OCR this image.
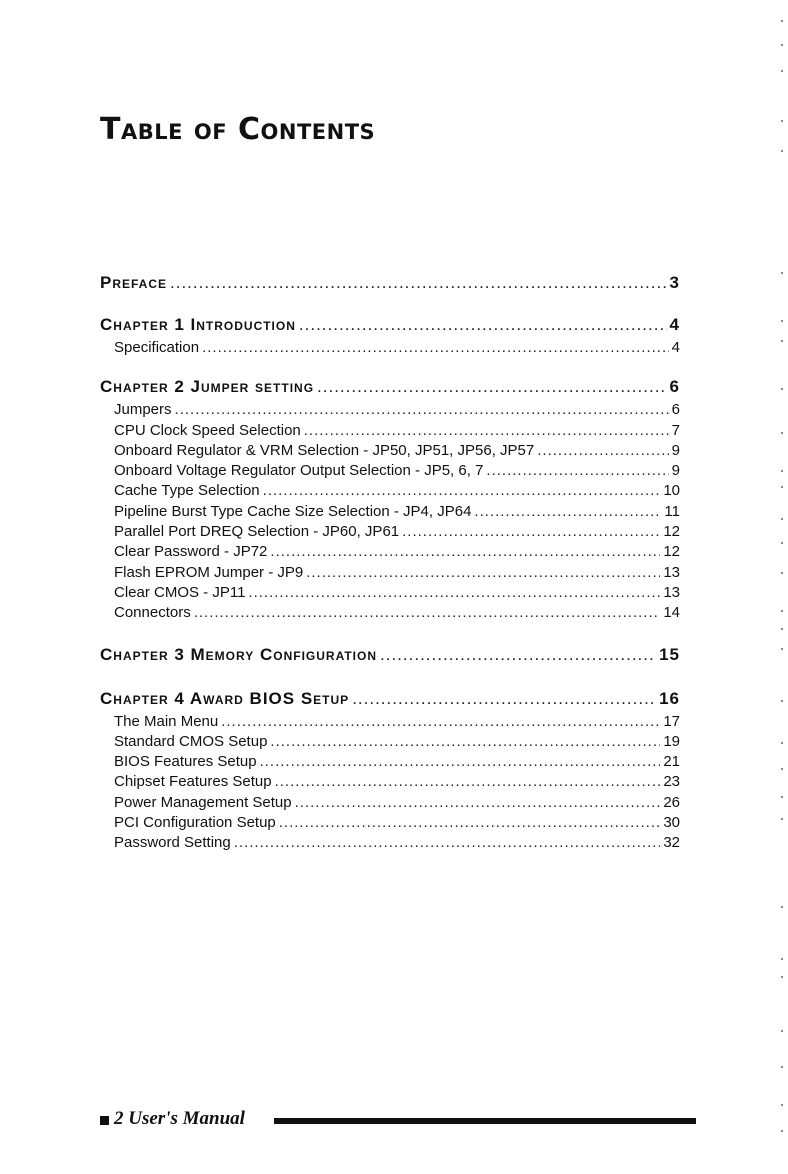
Table of Contents
Preface .....	3
Chapter 1 Introduction .....	4
Specification .....	4
Chapter 2 Jumper setting .....	6
Jumpers .....	6
CPU Clock Speed Selection .....	7
Onboard Regulator & VRM Selection - JP50, JP51, JP56, JP57 .....	9
Onboard Voltage Regulator Output Selection - JP5, 6, 7 .....	9
Cache Type Selection .....	10
Pipeline Burst Type Cache Size Selection - JP4, JP64 .....	11
Parallel Port DREQ Selection - JP60, JP61 .....	12
Clear Password - JP72 .....	12
Flash EPROM Jumper - JP9 .....	13
Clear CMOS - JP11 .....	13
Connectors .....	14
Chapter 3 Memory Configuration .....	15
Chapter 4 Award BIOS Setup .....	16
The Main Menu .....	17
Standard CMOS Setup .....	19
BIOS Features Setup .....	21
Chipset Features Setup .....	23
Power Management Setup .....	26
PCI Configuration Setup .....	30
Password Setting .....	32
2 User's Manual
